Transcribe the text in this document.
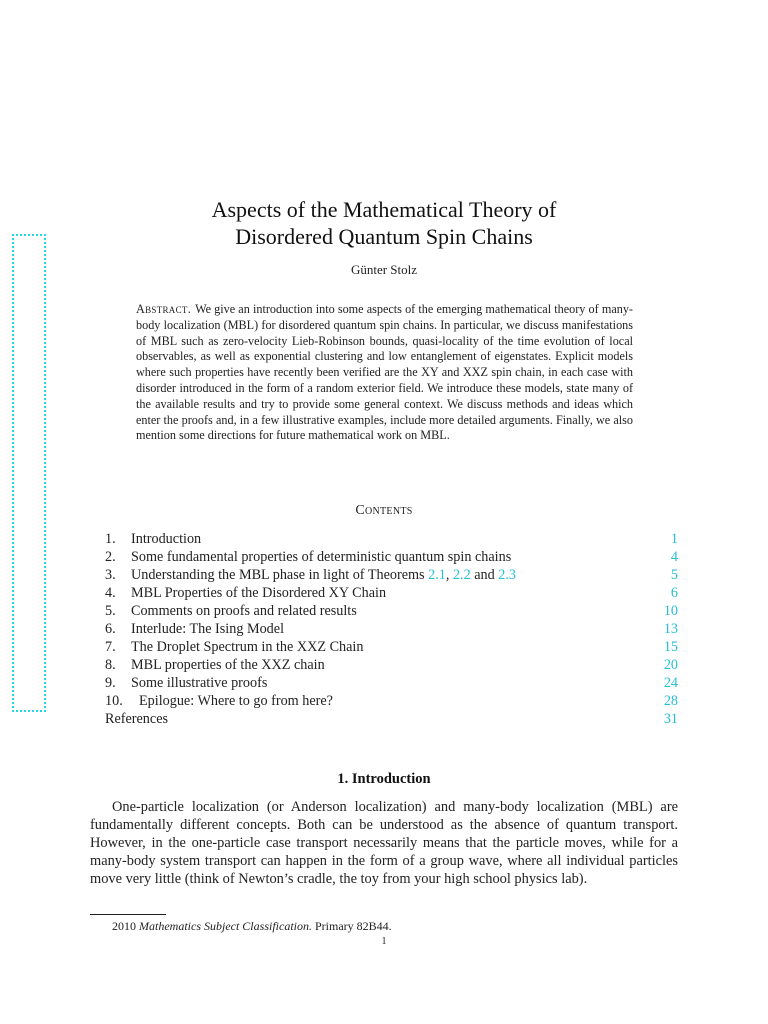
Aspects of the Mathematical Theory of
Disordered Quantum Spin Chains
Günter Stolz
Abstract. We give an introduction into some aspects of the emerging mathematical theory of many-body localization (MBL) for disordered quantum spin chains. In particular, we discuss manifestations of MBL such as zero-velocity Lieb-Robinson bounds, quasi-locality of the time evolution of local observables, as well as exponential clustering and low entanglement of eigenstates. Explicit models where such properties have recently been verified are the XY and XXZ spin chain, in each case with disorder introduced in the form of a random exterior field. We introduce these models, state many of the available results and try to provide some general context. We discuss methods and ideas which enter the proofs and, in a few illustrative examples, include more detailed arguments. Finally, we also mention some directions for future mathematical work on MBL.
Contents
1. Introduction	1
2. Some fundamental properties of deterministic quantum spin chains	4
3. Understanding the MBL phase in light of Theorems 2.1, 2.2 and 2.3	5
4. MBL Properties of the Disordered XY Chain	6
5. Comments on proofs and related results	10
6. Interlude: The Ising Model	13
7. The Droplet Spectrum in the XXZ Chain	15
8. MBL properties of the XXZ chain	20
9. Some illustrative proofs	24
10. Epilogue: Where to go from here?	28
References	31
1. Introduction
One-particle localization (or Anderson localization) and many-body localization (MBL) are fundamentally different concepts. Both can be understood as the absence of quantum transport. However, in the one-particle case transport necessarily means that the particle moves, while for a many-body system transport can happen in the form of a group wave, where all individual particles move very little (think of Newton’s cradle, the toy from your high school physics lab).
2010 Mathematics Subject Classification. Primary 82B44.
1
